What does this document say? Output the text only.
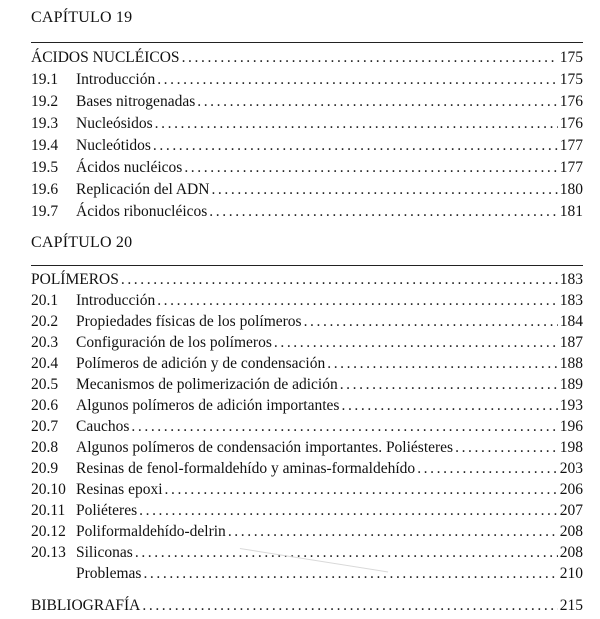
CAPÍTULO 19
ÁCIDOS NUCLÉICOS .....	175
19.1	Introducción .....	175
19.2	Bases nitrogenadas .....	176
19.3	Nucleósidos .....	176
19.4	Nucleótidos .....	177
19.5	Ácidos nucléicos .....	177
19.6	Replicación del ADN .....	180
19.7	Ácidos ribonucléicos .....	181
CAPÍTULO 20
POLÍMEROS .....	183
20.1	Introducción .....	183
20.2	Propiedades físicas de los polímeros .....	184
20.3	Configuración de los polímeros .....	187
20.4	Polímeros de adición y de condensación .....	188
20.5	Mecanismos de polimerización de adición .....	189
20.6	Algunos polímeros de adición importantes .....	193
20.7	Cauchos .....	196
20.8	Algunos polímeros de condensación importantes. Poliésteres .....	198
20.9	Resinas de fenol-formaldehído y aminas-formaldehído .....	203
20.10 Resinas epoxi .....	206
20.11 Poliéteres .....	207
20.12 Poliformaldehído-delrin .....	208
20.13 Siliconas .....	208
Problemas .....	210
BIBLIOGRAFÍA .....	215
